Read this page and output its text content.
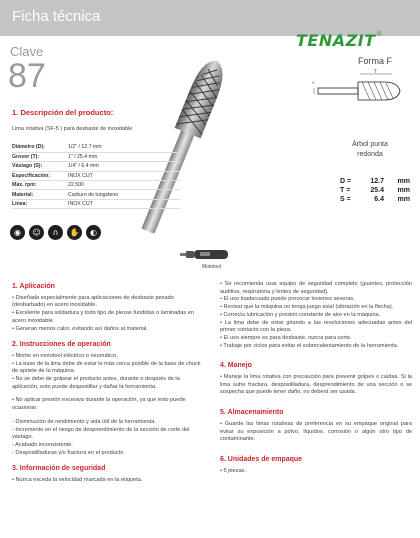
Ficha técnica
TENAZIT®
Clave
87	Forma F
T
S
Árbol punta
redonda
D =	12.7	mm
T =	25.4	mm
S =	6.4	mm
1. Descripción del producto:
Lima rotativa (SF-5 ) para desbaste de inoxidable
Diámetro (D):	1/2" / 12.7 mm
Grosor (T):	1" / 25.4 mm
Vástago (S):	1/4" / 6.4 mm
Especificación:	INOX CUT
Máx. rpm:	22,500
Material:	Carburo de tungsteno
Línea:	INOX CUT
◉	☺	∩	✋	◐
Mototool
1. Aplicación

• Diseñada especialmente para aplicaciones de desbaste pesado (desbarbado) en acero inoxidable.

• Excelente para soldadura y todo tipo de piezas fundidas o laminadas en acero inoxidable.

• Generan menos calor, evitando así daños al material.

2. Instrucciones de operación

• Monte en mototool eléctrico o neumático.

• La base de la lima debe de estar lo más cerca posible de la base de chuck de apriete de la máquina.

• No se debe de golpear el producto antes, durante o después de la aplicación, esto puede despostillar y dañar la herramienta.

• No aplicar presión excesiva durante la operación, ya que esto puede ocasionar:

- Disminución de rendimiento y vida útil de la herramienta.

- Incremento en el riesgo de desprendimiento de la sección de corte del vástago.

- Acabado inconsistente.

- Despostilladuras y/o fractura en el producto.

3. Información de seguridad

• Nunca exceda la velocidad marcada en la etiqueta.

• Se recomienda usar equipo de seguridad completo (guantes, protección auditiva, respiratoria y lentes de seguridad).

• El uso inadecuado puede provocar lesiones severas.

• Revisar que la máquina no tenga juego axial (vibración en la flecha).

• Correcta lubricación y presión constante de aire en la máquina.

• La lima debe de estar girando a las revoluciones adecuadas antes del primer contacto con la pieza.

• El uso siempre es para desbaste, nunca para corte.

• Trabaje por ciclos para evitar el sobrecalentamiento de la herramienta.

4. Manejo

• Maneje la lima rotativa con precaución para prevenir golpes o caídas. Si la lima sufre fractura, despostilladura, desprendimiento de una sección o se sospecha que puede tener daño, no deberá ser usada.

5. Almacenamiento

• Guarde las limas rotativas de preferencia en su empaque original para evitar su exposición a polvo, líquidos, corrosión o algún otro tipo de contaminante.

6. Unidades de empaque

• 5 piezas.
